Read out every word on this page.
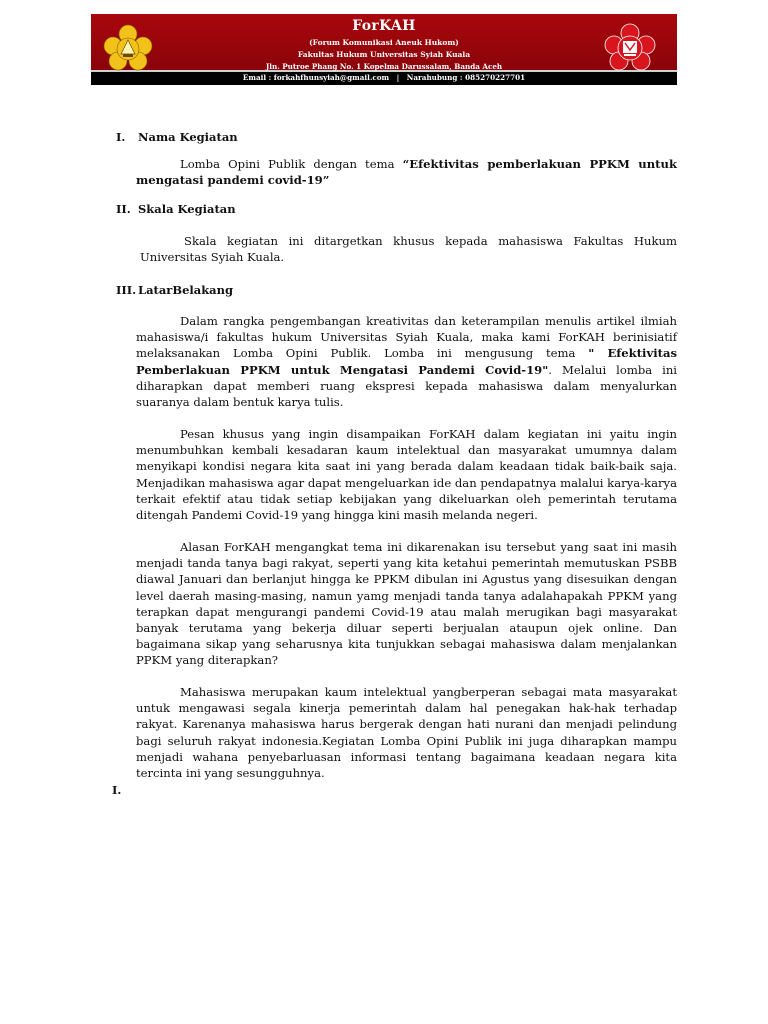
ForKAH
(Forum Komunikasi Aneuk Hukom)
Fakultas Hukum Universitas Syiah Kuala
Jln. Putroe Phang No. 1 Kopelma Darussalam, Banda Aceh
Email : forkahfhunsyiah@gmail.com | Narahubung : 085270227701
I. Nama Kegiatan
Lomba Opini Publik dengan tema “Efektivitas pemberlakuan PPKM untuk mengatasi pandemi covid-19”
II. Skala Kegiatan
Skala kegiatan ini ditargetkan khusus kepada mahasiswa Fakultas Hukum Universitas Syiah Kuala.
III. LatarBelakang
Dalam rangka pengembangan kreativitas dan keterampilan menulis artikel ilmiah mahasiswa/i fakultas hukum Universitas Syiah Kuala, maka kami ForKAH berinisiatif melaksanakan Lomba Opini Publik. Lomba ini mengusung tema " Efektivitas Pemberlakuan PPKM untuk Mengatasi Pandemi Covid-19". Melalui lomba ini diharapkan dapat memberi ruang ekspresi kepada mahasiswa dalam menyalurkan suaranya dalam bentuk karya tulis.
Pesan khusus yang ingin disampaikan ForKAH dalam kegiatan ini yaitu ingin menumbuhkan kembali kesadaran kaum intelektual dan masyarakat umumnya dalam menyikapi kondisi negara kita saat ini yang berada dalam keadaan tidak baik-baik saja. Menjadikan mahasiswa agar dapat mengeluarkan ide dan pendapatnya malalui karya-karya terkait efektif atau tidak setiap kebijakan yang dikeluarkan oleh pemerintah terutama ditengah Pandemi Covid-19 yang hingga kini masih melanda negeri.
Alasan ForKAH mengangkat tema ini dikarenakan isu tersebut yang saat ini masih menjadi tanda tanya bagi rakyat, seperti yang kita ketahui pemerintah memutuskan PSBB diawal Januari dan berlanjut hingga ke PPKM dibulan ini Agustus yang disesuikan dengan level daerah masing-masing, namun yamg menjadi tanda tanya adalahapakah PPKM yang terapkan dapat mengurangi pandemi Covid-19 atau malah merugikan bagi masyarakat banyak terutama yang bekerja diluar seperti berjualan ataupun ojek online. Dan bagaimana sikap yang seharusnya kita tunjukkan sebagai mahasiswa dalam menjalankan PPKM yang diterapkan?
Mahasiswa merupakan kaum intelektual yangberperan sebagai mata masyarakat untuk mengawasi segala kinerja pemerintah dalam hal penegakan hak-hak terhadap rakyat. Karenanya mahasiswa harus bergerak dengan hati nurani dan menjadi pelindung bagi seluruh rakyat indonesia.Kegiatan Lomba Opini Publik ini juga diharapkan mampu menjadi wahana penyebarluasan informasi tentang bagaimana keadaan negara kita tercinta ini yang sesungguhnya.
I.
